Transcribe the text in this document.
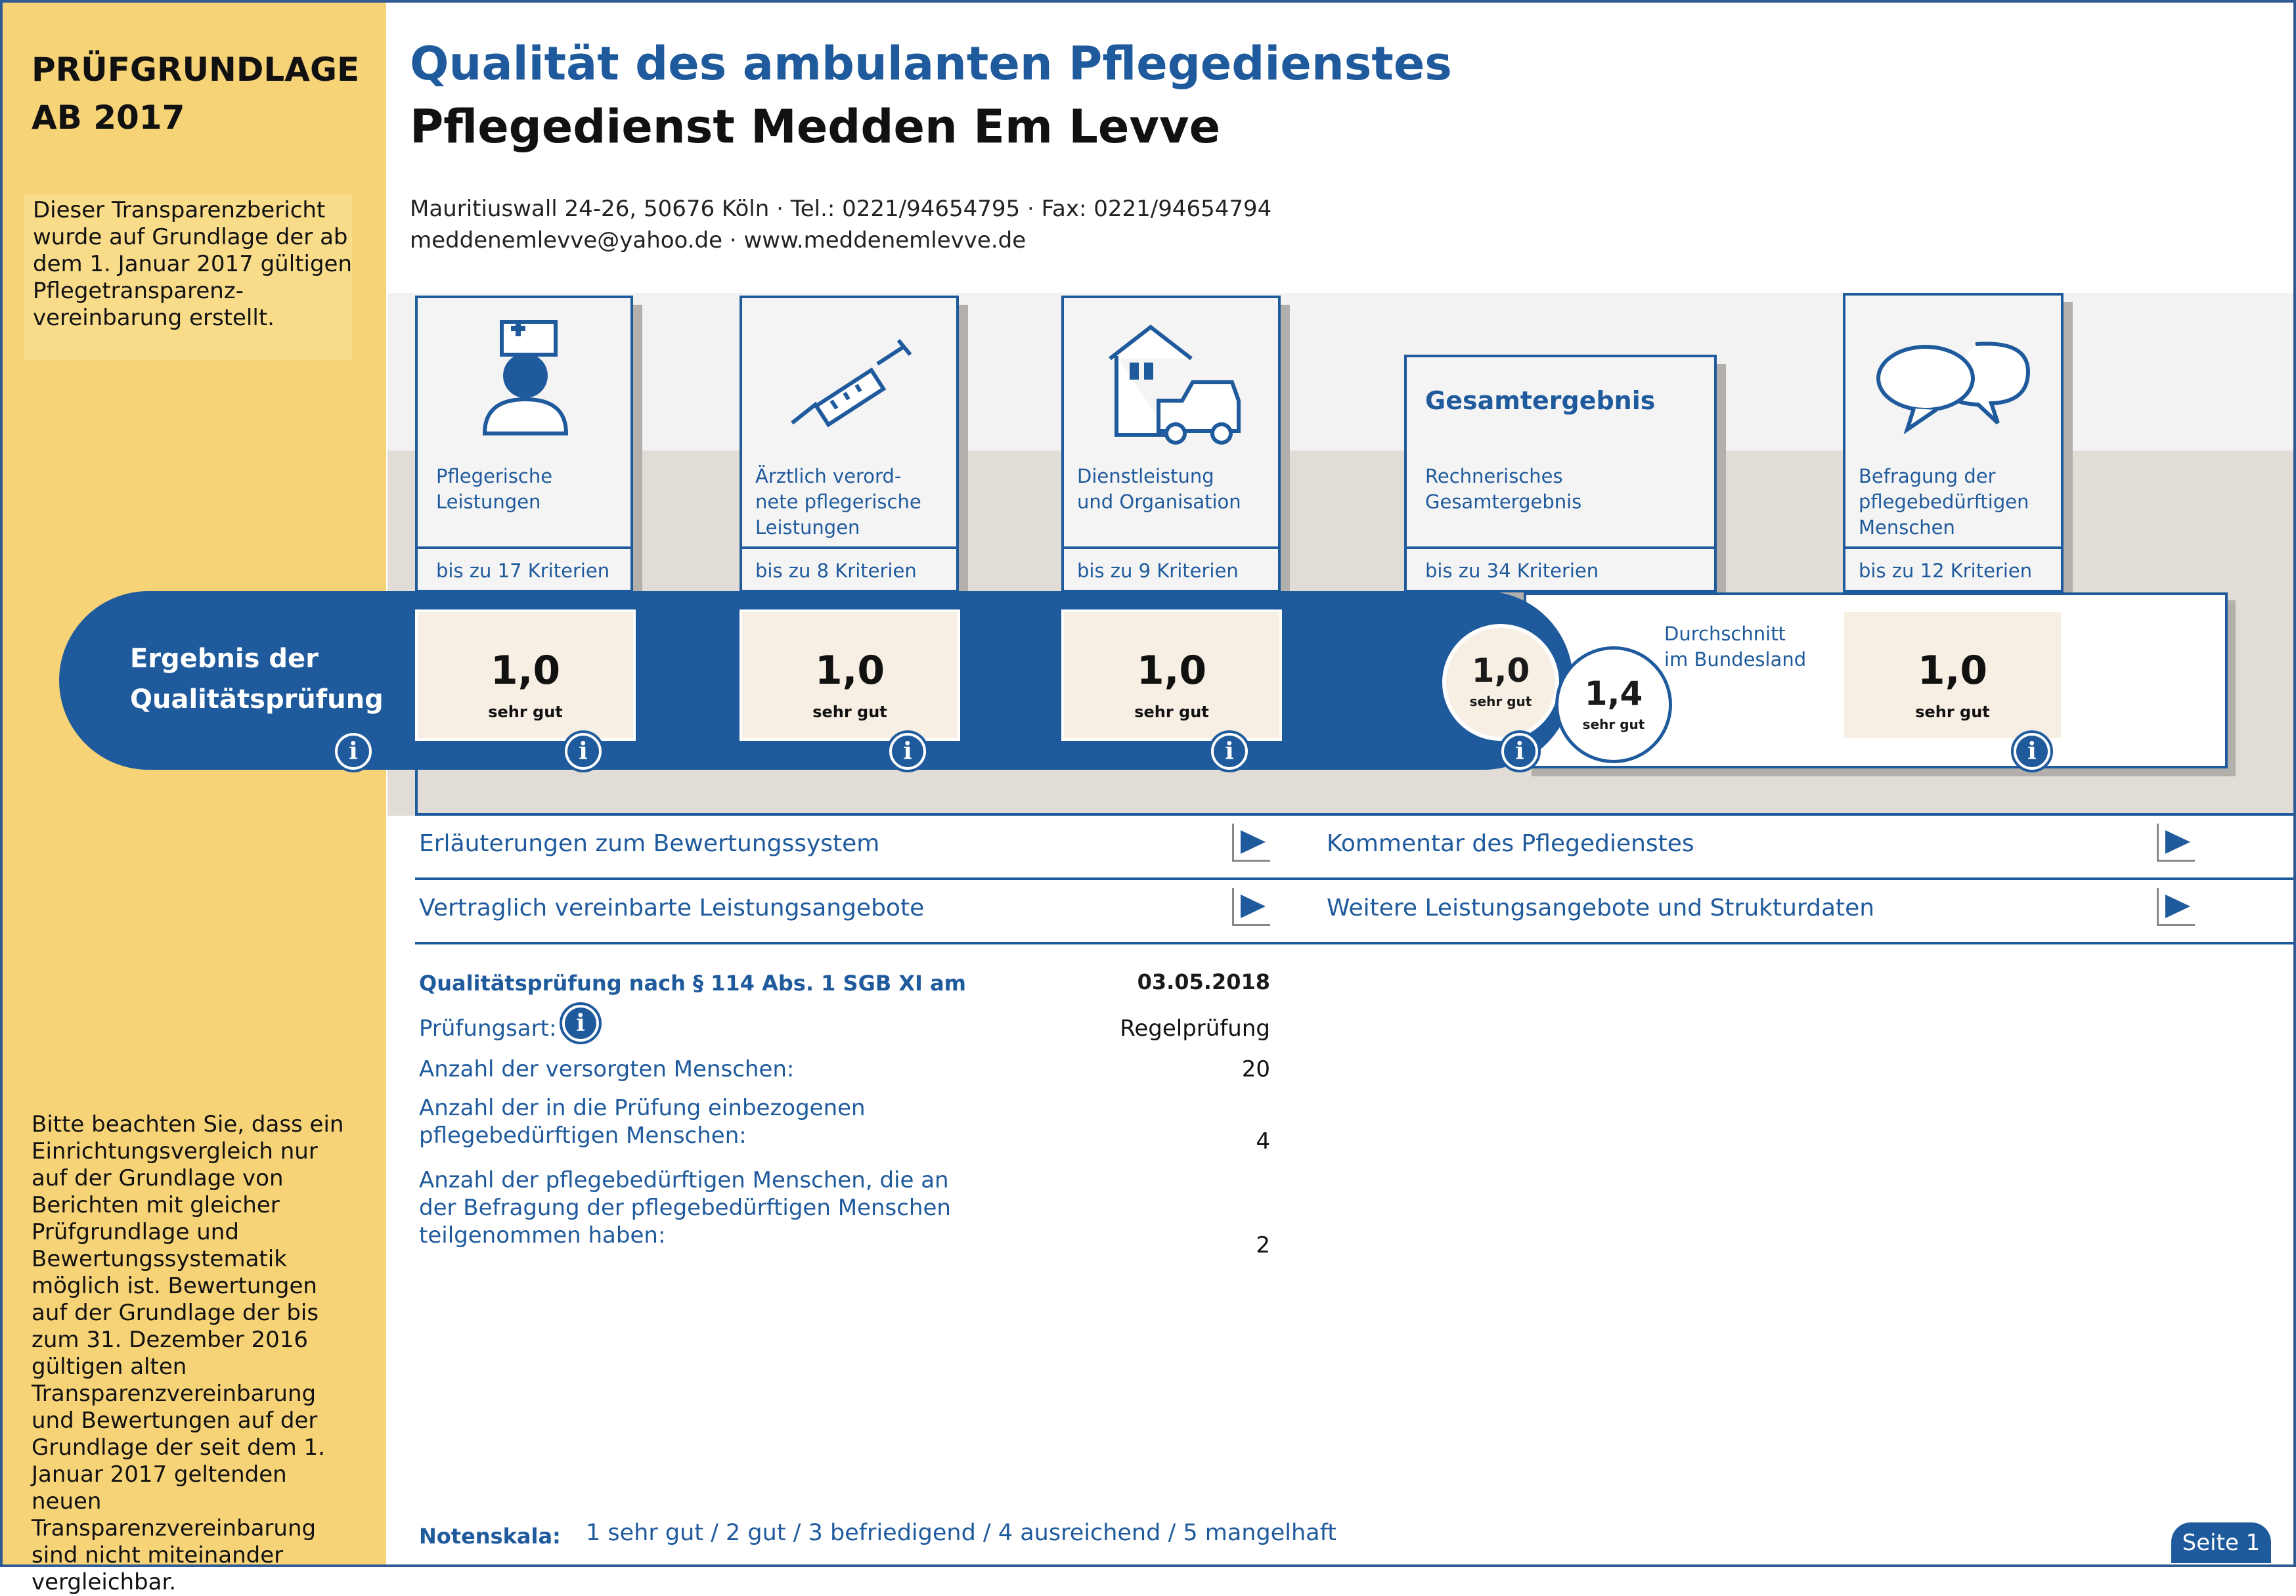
PRÜFGRUNDLAGE
AB 2017
Dieser Transparenzbericht wurde auf Grundlage der ab dem 1. Januar 2017 gültigen Pflegetransparenz-vereinbarung erstellt.
Bitte beachten Sie, dass ein Einrichtungsvergleich nur auf der Grundlage von Berichten mit gleicher Prüfgrundlage und Bewertungssystematik möglich ist. Bewertungen auf der Grundlage der bis zum 31. Dezember 2016 gültigen alten Transparenzvereinbarung und Bewertungen auf der Grundlage der seit dem 1. Januar 2017 geltenden neuen Transparenzvereinbarung sind nicht miteinander vergleichbar.
Qualität des ambulanten Pflegedienstes
Pflegedienst Medden Em Levve
Mauritiuswall 24-26, 50676 Köln · Tel.: 0221/94654795 · Fax: 0221/94654794
meddenemlevve@yahoo.de · www.meddenemlevve.de
Pflegerische
Leistungen
bis zu 17 Kriterien
Ärztlich verord-
nete pflegerische
Leistungen
bis zu 8 Kriterien
Dienstleistung
und Organisation
bis zu 9 Kriterien
Gesamtergebnis
Rechnerisches
Gesamtergebnis
bis zu 34 Kriterien
Befragung der
pflegebedürftigen
Menschen
bis zu 12 Kriterien
Ergebnis der
Qualitätsprüfung
1,0
sehr gut
1,0
sehr gut
1,0
sehr gut
1,0
sehr gut
1,0
sehr gut	1,4
sehr gut
Durchschnitt
im Bundesland
i	i	i	i	i	i
Erläuterungen zum Bewertungssystem	Kommentar des Pflegedienstes
Vertraglich vereinbarte Leistungsangebote	Weitere Leistungsangebote und Strukturdaten
Qualitätsprüfung nach § 114 Abs. 1 SGB XI am	03.05.2018
Prüfungsart: i	Regelprüfung
Anzahl der versorgten Menschen:	20
Anzahl der in die Prüfung einbezogenen
pflegebedürftigen Menschen:	4
Anzahl der pflegebedürftigen Menschen, die an
der Befragung der pflegebedürftigen Menschen
teilgenommen haben:	2
Notenskala: 1 sehr gut / 2 gut / 3 befriedigend / 4 ausreichend / 5 mangelhaft	Seite 1
